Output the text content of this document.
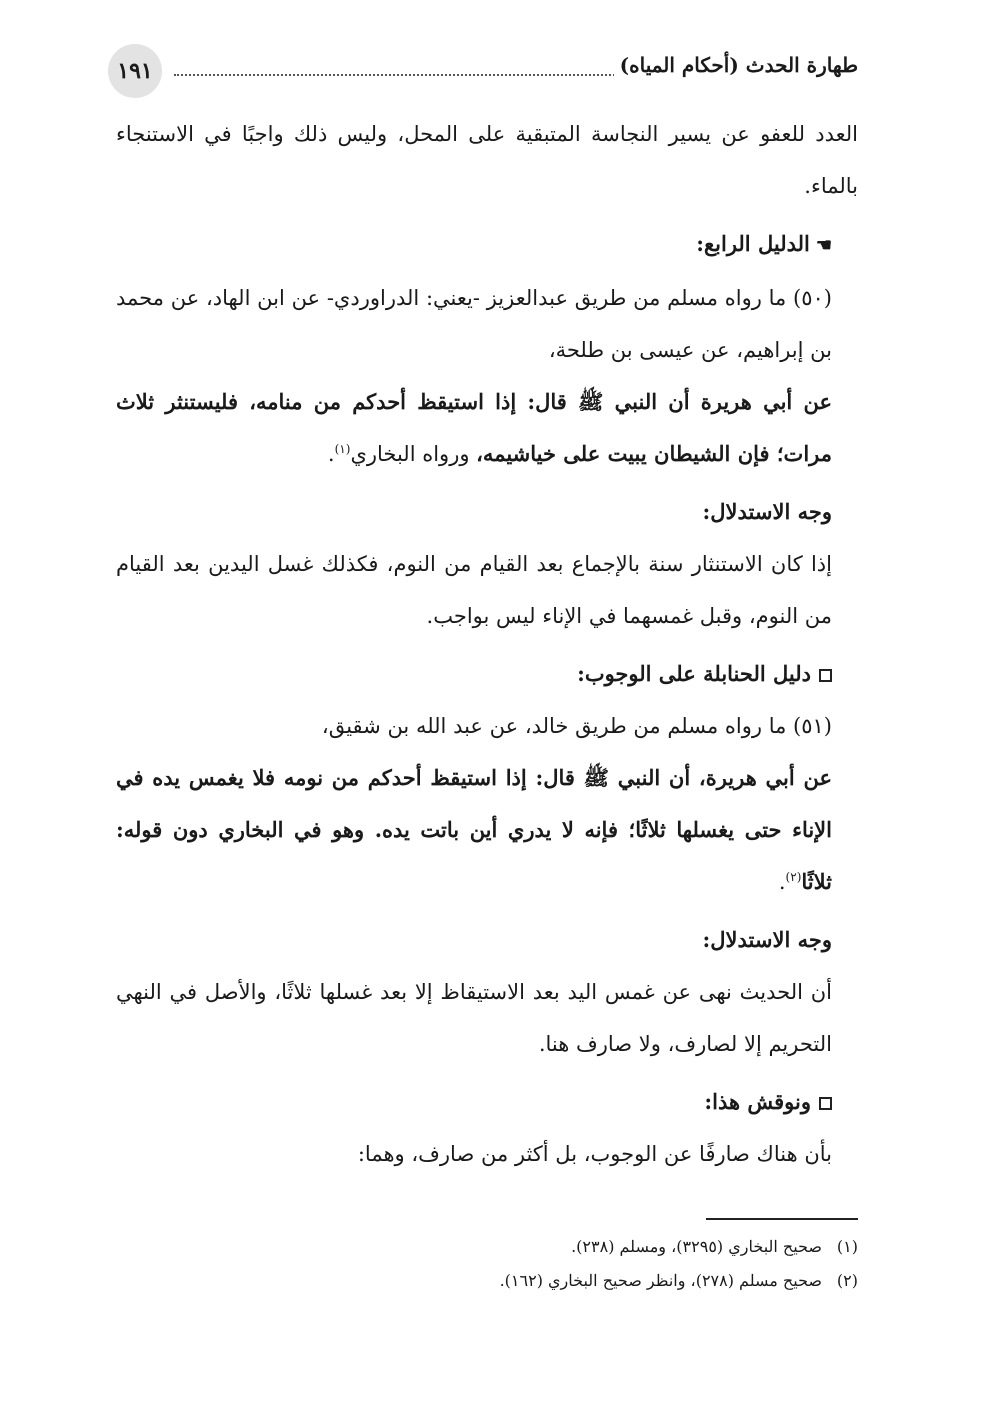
١٩١	طهارة الحدث (أحكام المياه)

العدد للعفو عن يسير النجاسة المتبقية على المحل، وليس ذلك واجبًا في الاستنجاء بالماء.

☚الدليل الرابع:

(٥٠) ما رواه مسلم من طريق عبدالعزيز -يعني: الدراوردي- عن ابن الهاد، عن محمد بن إبراهيم، عن عيسى بن طلحة،

عن أبي هريرة أن النبي ﷺ قال: إذا استيقظ أحدكم من منامه، فليستنثر ثلاث مرات؛ فإن الشيطان يبيت على خياشيمه، ورواه البخاري$^{(١)}$.

وجه الاستدلال:

إذا كان الاستنثار سنة بالإجماع بعد القيام من النوم، فكذلك غسل اليدين بعد القيام من النوم، وقبل غمسهما في الإناء ليس بواجب.

دليل الحنابلة على الوجوب:

(٥١) ما رواه مسلم من طريق خالد، عن عبد الله بن شقيق،

عن أبي هريرة، أن النبي ﷺ قال: إذا استيقظ أحدكم من نومه فلا يغمس يده في الإناء حتى يغسلها ثلاثًا؛ فإنه لا يدري أين باتت يده. وهو في البخاري دون قوله: ثلاثًا$^{(٢)}$.

وجه الاستدلال:

أن الحديث نهى عن غمس اليد بعد الاستيقاظ إلا بعد غسلها ثلاثًا، والأصل في النهي التحريم إلا لصارف، ولا صارف هنا.

ونوقش هذا:

بأن هناك صارفًا عن الوجوب، بل أكثر من صارف، وهما:

(١)صحيح البخاري (٣٢٩٥)، ومسلم (٢٣٨).
(٢)صحيح مسلم (٢٧٨)، وانظر صحيح البخاري (١٦٢).
